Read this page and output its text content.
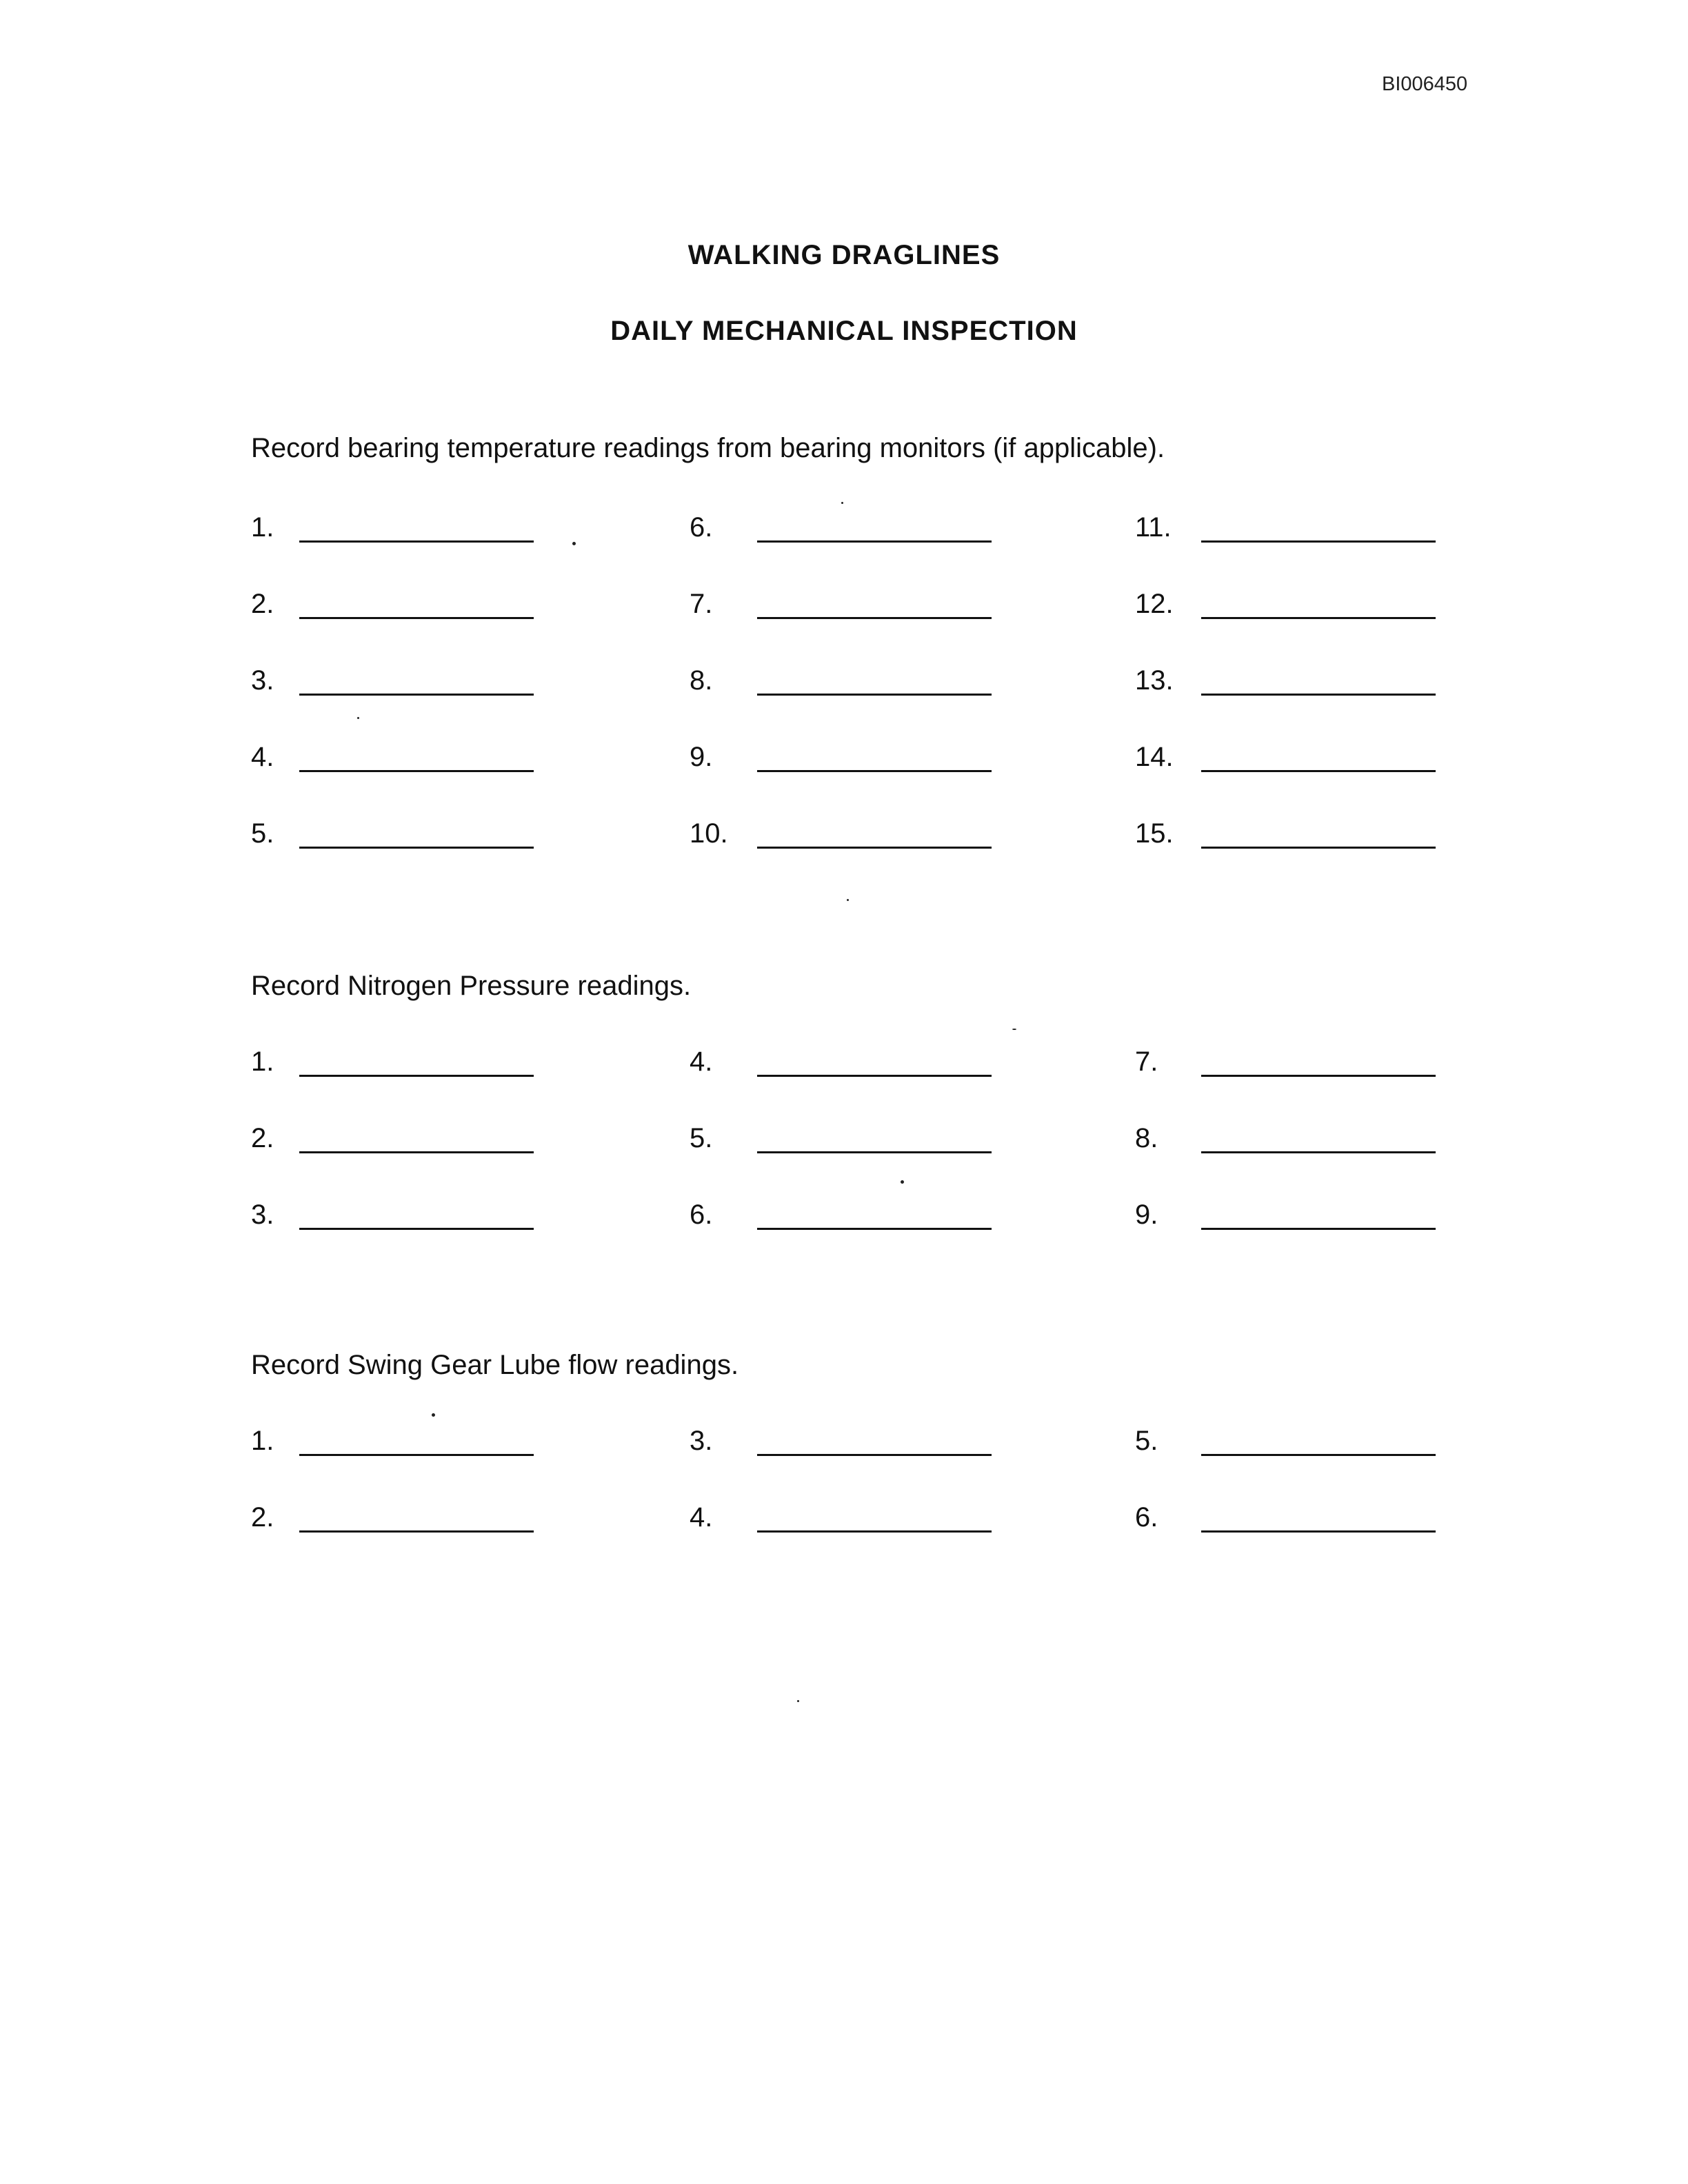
BI006450
WALKING DRAGLINES
DAILY MECHANICAL INSPECTION
Record bearing temperature readings from bearing monitors (if applicable).
1.
2.
3.
4.
5.
6.
7.
8.
9.
10.
11.
12.
13.
14.
15.
Record Nitrogen Pressure readings.
1.
2.
3.
4.
5.
6.
7.
8.
9.
Record Swing Gear Lube flow readings.
1.
2.
3.
4.
5.
6.
